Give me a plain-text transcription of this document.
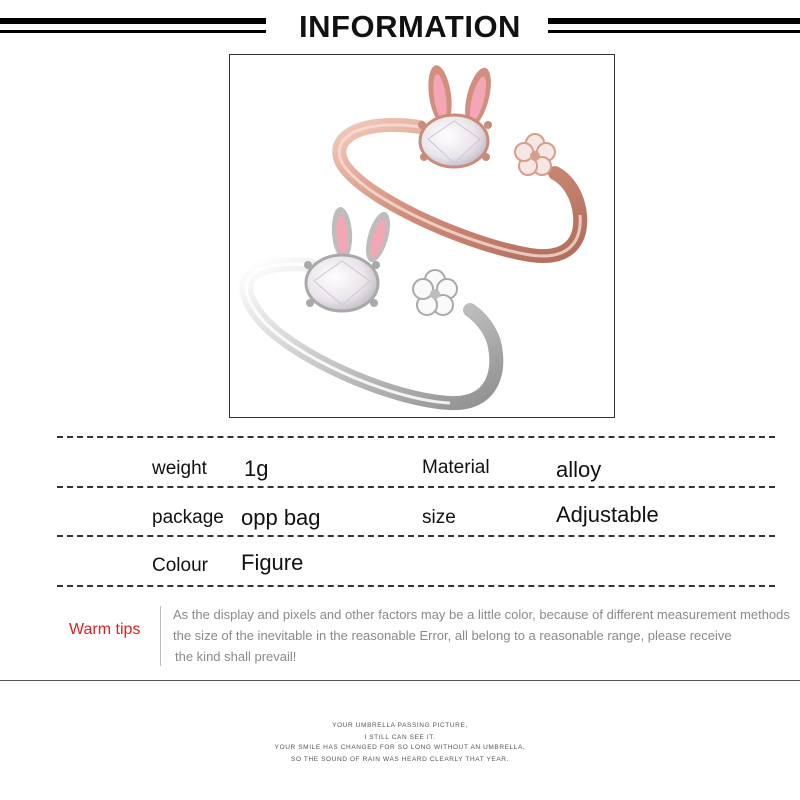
INFORMATION
weight 1g	Material	alloy
package opp bag	size	Adjustable
Colour Figure
Warm tips
As the display and pixels and other factors may be a little color, because of different measurement methods
the size of the inevitable in the reasonable Error, all belong to a reasonable range, please receive
the kind shall prevail!
YOUR UMBRELLA PASSING PICTURE,
I STILL CAN SEE IT.
YOUR SMILE HAS CHANGED FOR SO LONG WITHOUT AN UMBRELLA,
SO THE SOUND OF RAIN WAS HEARD CLEARLY THAT YEAR.
